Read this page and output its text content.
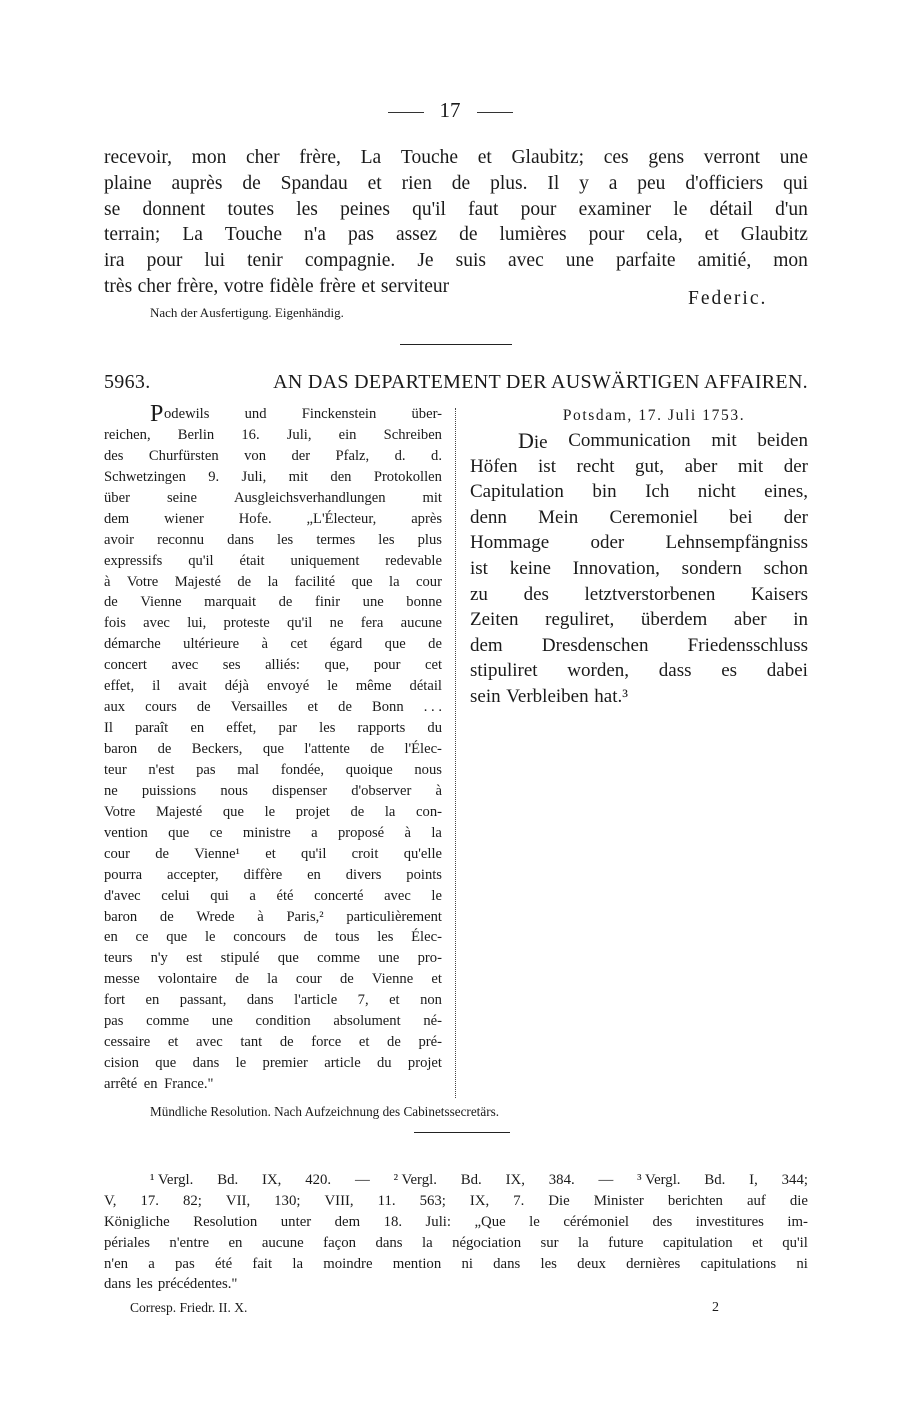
17
recevoir, mon cher frère, La Touche et Glaubitz; ces gens verront une
plaine auprès de Spandau et rien de plus. Il y a peu d'officiers qui
se donnent toutes les peines qu'il faut pour examiner le détail d'un
terrain; La Touche n'a pas assez de lumières pour cela, et Glaubitz
ira pour lui tenir compagnie. Je suis avec une parfaite amitié, mon
très cher frère, votre fidèle frère et serviteur
Federic.
Nach der Ausfertigung. Eigenhändig.
5963.	AN DAS DEPARTEMENT DER AUSWÄRTIGEN AFFAIREN.
P odewils und Finckenstein über-
reichen, Berlin 16. Juli, ein Schreiben
des Churfürsten von der Pfalz, d. d.
Schwetzingen 9. Juli, mit den Protokollen
über	seine	Ausgleichsverhandlungen	mit
dem wiener Hofe. „L'Électeur, après
avoir reconnu dans les termes les plus
expressifs qu'il était uniquement redevable
à Votre Majesté de la facilité que la cour
de Vienne marquait de finir une bonne
fois avec lui, proteste qu'il ne fera aucune
démarche ultérieure à cet égard que de
concert avec ses alliés: que, pour cet
effet, il avait déjà envoyé le même détail
aux cours de Versailles et de Bonn . . .
Il paraît en effet, par les rapports du
baron de Beckers, que l'attente de l'Élec-
teur n'est pas mal fondée, quoique nous
ne puissions nous dispenser d'observer à
Votre Majesté que le projet de la con-
vention que ce ministre a proposé à la
cour de Vienne¹ et qu'il croit qu'elle
pourra accepter, diffère en divers points
d'avec celui qui a été concerté avec le
baron de Wrede à Paris,² particulièrement
en ce que le concours de tous les Élec-
teurs n'y est stipulé que comme une pro-
messe volontaire de la cour de Vienne et
fort en passant, dans l'article 7, et non
pas comme une condition absolument né-
cessaire et avec tant de force et de pré-
cision que dans le premier article du projet
arrêté en France."
Potsdam, 17. Juli 1753.
Die Communication mit beiden
Höfen ist recht gut, aber mit der
Capitulation bin Ich nicht eines,
denn Mein Ceremoniel bei der
Hommage oder Lehnsempfängniss
ist keine Innovation, sondern schon
zu des letztverstorbenen Kaisers
Zeiten reguliret, überdem aber in
dem Dresdenschen Friedensschluss
stipuliret worden, dass es dabei
sein Verbleiben hat.³
Mündliche Resolution. Nach Aufzeichnung des Cabinetssecretärs.
¹ Vergl. Bd. IX, 420. — ² Vergl. Bd. IX, 384. — ³ Vergl. Bd. I, 344;
V, 17. 82; VII, 130; VIII, 11. 563; IX, 7. Die Minister berichten auf die
Königliche Resolution unter dem 18. Juli: „Que le cérémoniel des investitures im-
périales n'entre en aucune façon dans la négociation sur la future capitulation et qu'il
n'en a pas été fait la moindre mention ni dans les deux dernières capitulations ni
dans les précédentes."
Corresp. Friedr. II. X.	2
